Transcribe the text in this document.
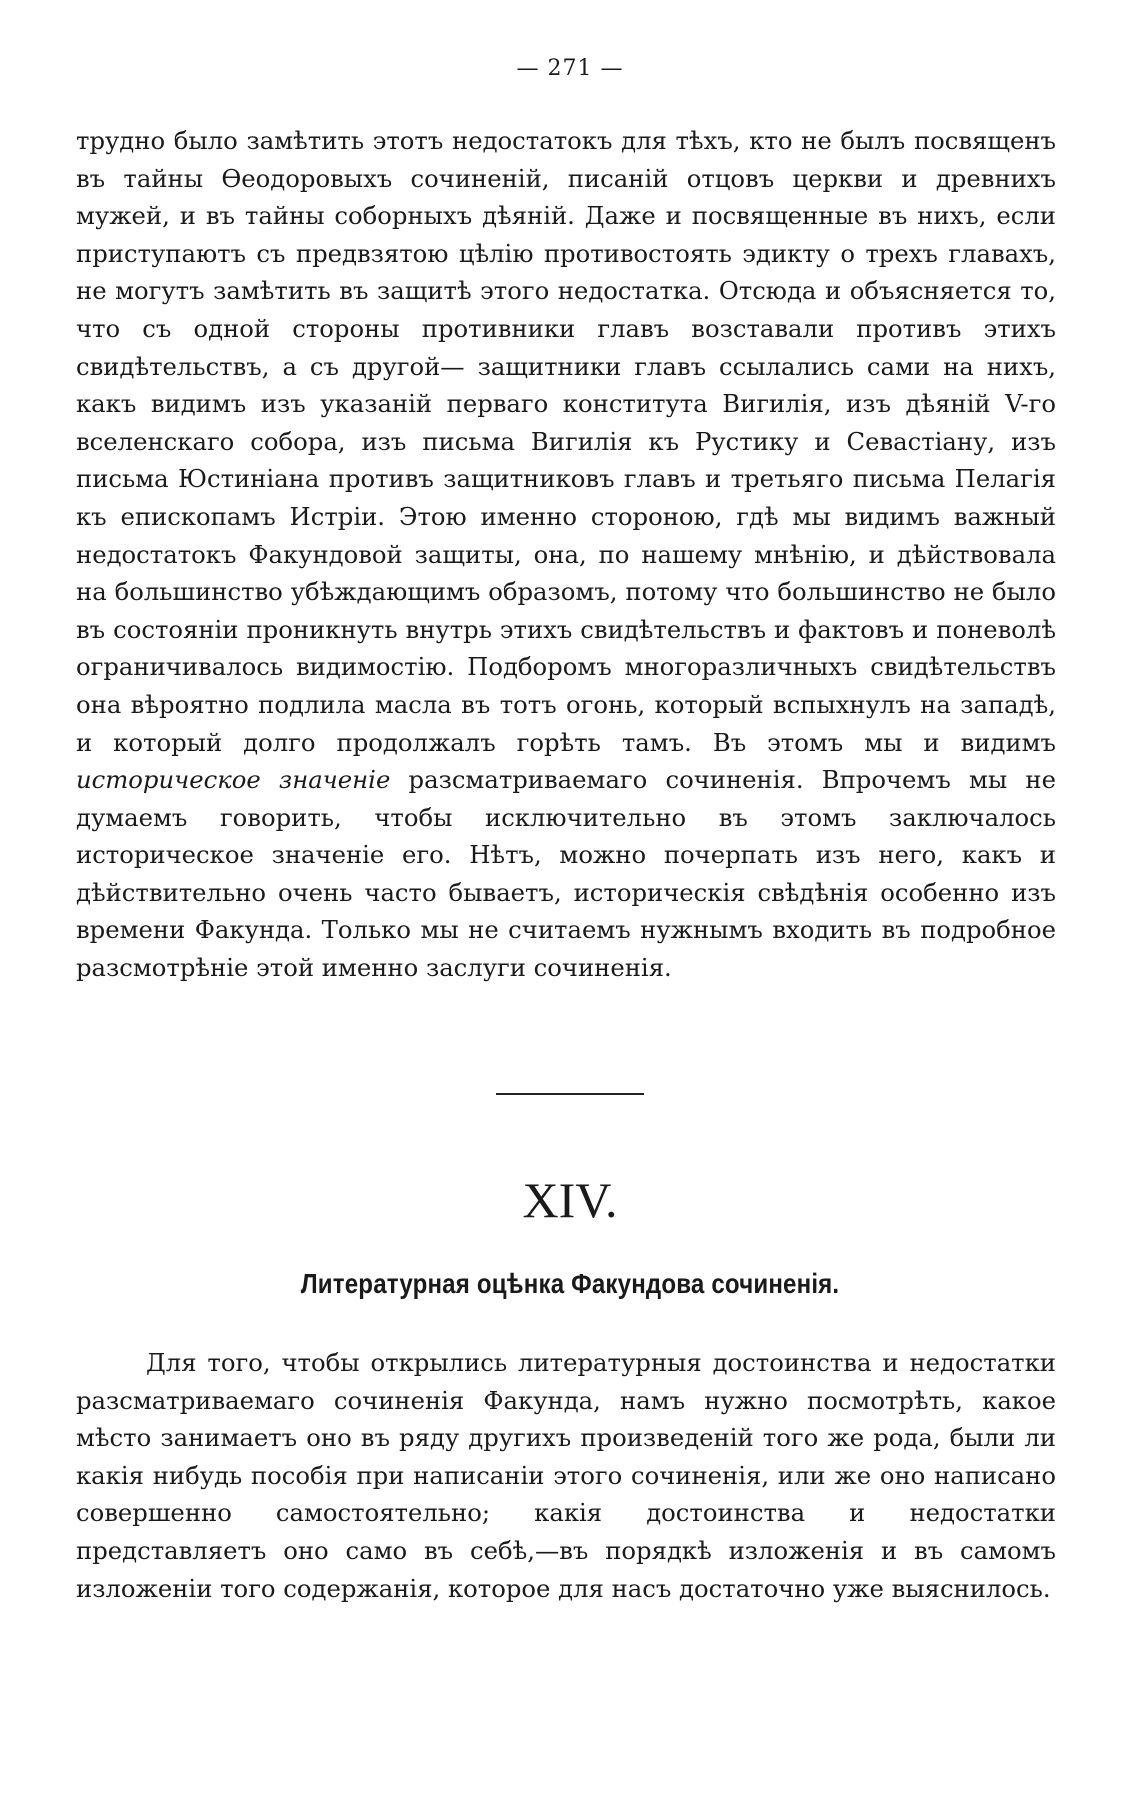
— 271 —

трудно было замѣтить этотъ недостатокъ для тѣхъ, кто не былъ посвященъ въ тайны Ѳеодоровыхъ сочиненій, писаній отцовъ церкви и древнихъ мужей, и въ тайны соборныхъ дѣяній. Даже и посвященные въ нихъ, если приступаютъ съ предвзятою цѣлію противостоять эдикту о трехъ главахъ, не могутъ замѣтить въ защитѣ этого недостатка. Отсюда и объясняется то, что съ одной стороны противники главъ возставали противъ этихъ свидѣтельствъ, а съ другой— защитники главъ ссылались сами на нихъ, какъ видимъ изъ указаній перваго конститута Вигилія, изъ дѣяній V-го вселенскаго собора, изъ письма Вигилія къ Рустику и Севастіану, изъ письма Юстиніана противъ защитниковъ главъ и третьяго письма Пелагія къ епископамъ Истріи. Этою именно стороною, гдѣ мы видимъ важный недостатокъ Факундовой защиты, она, по нашему мнѣнію, и дѣйствовала на большинство убѣждающимъ образомъ, потому что большинство не было въ состояніи проникнуть внутрь этихъ свидѣтельствъ и фактовъ и поневолѣ ограничивалось видимостію. Подборомъ многоразличныхъ свидѣтельствъ она вѣроятно подлила масла въ тотъ огонь, который вспыхнулъ на западѣ, и который долго продолжалъ горѣть тамъ. Въ этомъ мы и видимъ историческое значеніе разсматриваемаго сочиненія. Впрочемъ мы не думаемъ говорить, чтобы исключительно въ этомъ заключалось историческое значеніе его. Нѣтъ, можно почерпать изъ него, какъ и дѣйствительно очень часто бываетъ, историческія свѣдѣнія особенно изъ времени Факунда. Только мы не считаемъ нужнымъ входить въ подробное разсмотрѣніе этой именно заслуги сочиненія.

XIV.
Литературная оцѣнка Факундова сочиненія.

Для того, чтобы открылись литературныя достоинства и недостатки разсматриваемаго сочиненія Факунда, намъ нужно посмотрѣть, какое мѣсто занимаетъ оно въ ряду другихъ произведеній того же рода, были ли какія нибудь пособія при написаніи этого сочиненія, или же оно написано совершенно самостоятельно; какія достоинства и недостатки представляетъ оно само въ себѣ,—въ порядкѣ изложенія и въ самомъ изложеніи того содержанія, которое для насъ достаточно уже выяснилось.
